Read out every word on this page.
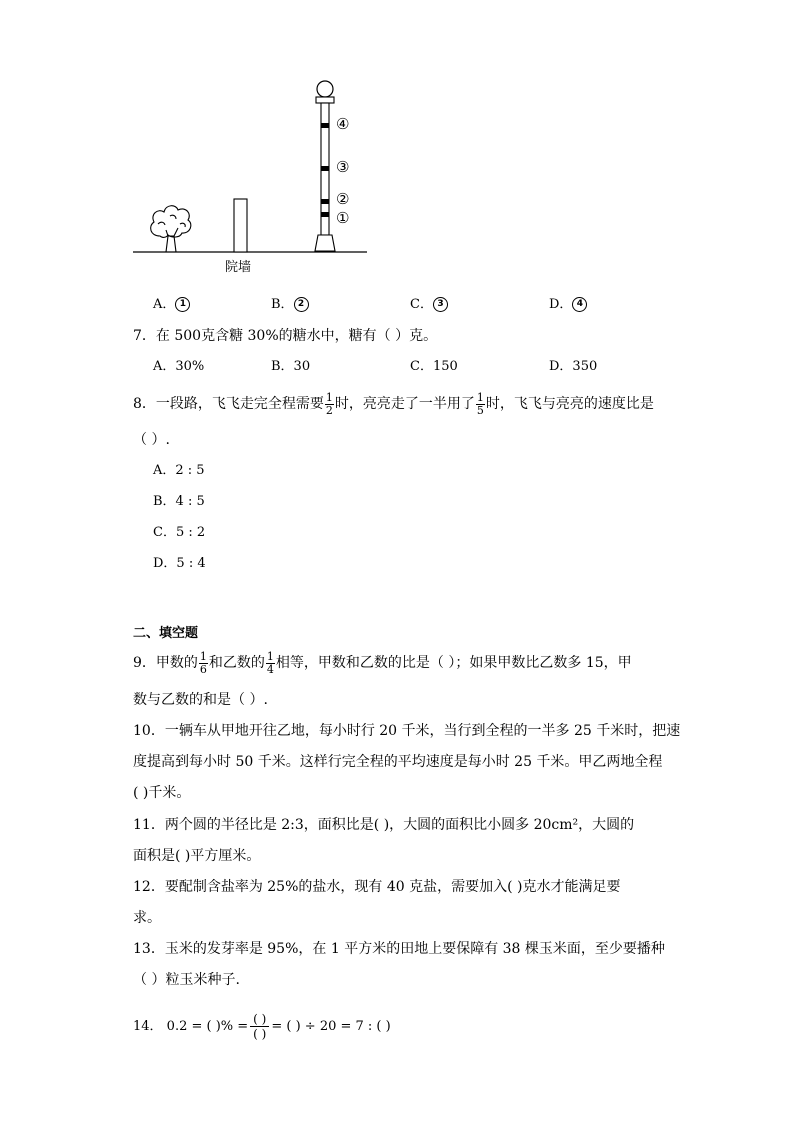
④
③
②
①
院墙
A． 1	B． 2	C． 3	D． 4
7．在 500克含糖 30%的糖水中，糖有（ ）克。
A．30%	B．30	C．150	D．350
8．一段路，飞飞走完全程需要 $\frac{1}{2}$ 时，亮亮走了一半用了 $\frac{1}{5}$ 时，飞飞与亮亮的速度比是
（ ）.
A．2 : 5
B．4 : 5
C．5 : 2
D．5 : 4
二、填空题
9．甲数的 $\frac{1}{6}$ 和乙数的 $\frac{1}{4}$ 相等，甲数和乙数的比是（ ）；如果甲数比乙数多 15，甲
数与乙数的和是（ ）.
10．一辆车从甲地开往乙地，每小时行 20 千米，当行到全程的一半多 25 千米时，把速
度提高到每小时 50 千米。这样行完全程的平均速度是每小时 25 千米。甲乙两地全程
( )千米。
11．两个圆的半径比是 2:3，面积比是( )，大圆的面积比小圆多 20cm²，大圆的
面积是( )平方厘米。
12．要配制含盐率为 25%的盐水，现有 40 克盐，需要加入( )克水才能满足要
求。
13．玉米的发芽率是 95%，在 1 平方米的田地上要保障有 38 棵玉米面，至少要播种
（ ）粒玉米种子.
14． 0.2 = ( )% = $\frac{( )}{( )}$ = ( ) ÷ 20 = 7 : ( )
